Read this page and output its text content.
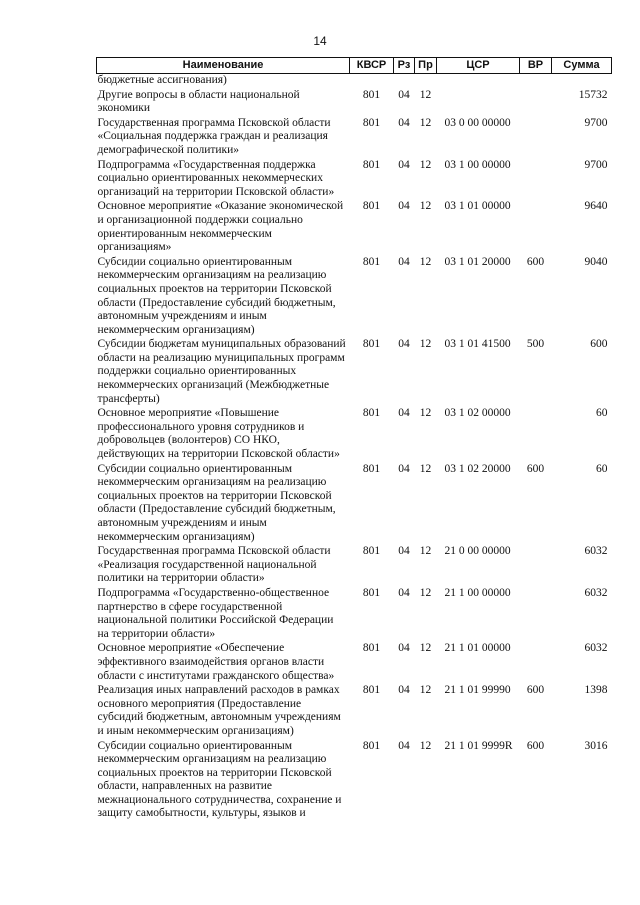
14
Наименование	КВСР	Рз	Пр	ЦСР	ВР	Сумма
бюджетные ассигнования)						
Другие вопросы в области национальной экономики	801	04	12			15732
Государственная программа Псковской области «Социальная поддержка граждан и реализация демографической политики»	801	04	12	03 0 00 00000		9700
Подпрограмма «Государственная поддержка социально ориентированных некоммерческих организаций на территории Псковской области»	801	04	12	03 1 00 00000		9700
Основное мероприятие «Оказание экономической и организационной поддержки социально ориентированным некоммерческим организациям»	801	04	12	03 1 01 00000		9640
Субсидии социально ориентированным некоммерческим организациям на реализацию социальных проектов на территории Псковской области (Предоставление субсидий бюджетным, автономным учреждениям и иным некоммерческим организациям)	801	04	12	03 1 01 20000	600	9040
Субсидии бюджетам муниципальных образований области на реализацию муниципальных программ поддержки социально ориентированных некоммерческих организаций (Межбюджетные трансферты)	801	04	12	03 1 01 41500	500	600
Основное мероприятие «Повышение профессионального уровня сотрудников и добровольцев (волонтеров) СО НКО, действующих на территории Псковской области»	801	04	12	03 1 02 00000		60
Субсидии социально ориентированным некоммерческим организациям на реализацию социальных проектов на территории Псковской области (Предоставление субсидий бюджетным, автономным учреждениям и иным некоммерческим организациям)	801	04	12	03 1 02 20000	600	60
Государственная программа Псковской области «Реализация государственной национальной политики на территории области»	801	04	12	21 0 00 00000		6032
Подпрограмма «Государственно-общественное партнерство в сфере государственной национальной политики Российской Федерации на территории области»	801	04	12	21 1 00 00000		6032
Основное мероприятие «Обеспечение эффективного взаимодействия органов власти области с институтами гражданского общества»	801	04	12	21 1 01 00000		6032
Реализация иных направлений расходов в рамках основного мероприятия (Предоставление субсидий бюджетным, автономным учреждениям и иным некоммерческим организациям)	801	04	12	21 1 01 99990	600	1398
Субсидии социально ориентированным некоммерческим организациям на реализацию социальных проектов на территории Псковской области, направленных на развитие межнационального сотрудничества, сохранение и защиту самобытности, культуры, языков и	801	04	12	21 1 01 9999R	600	3016
